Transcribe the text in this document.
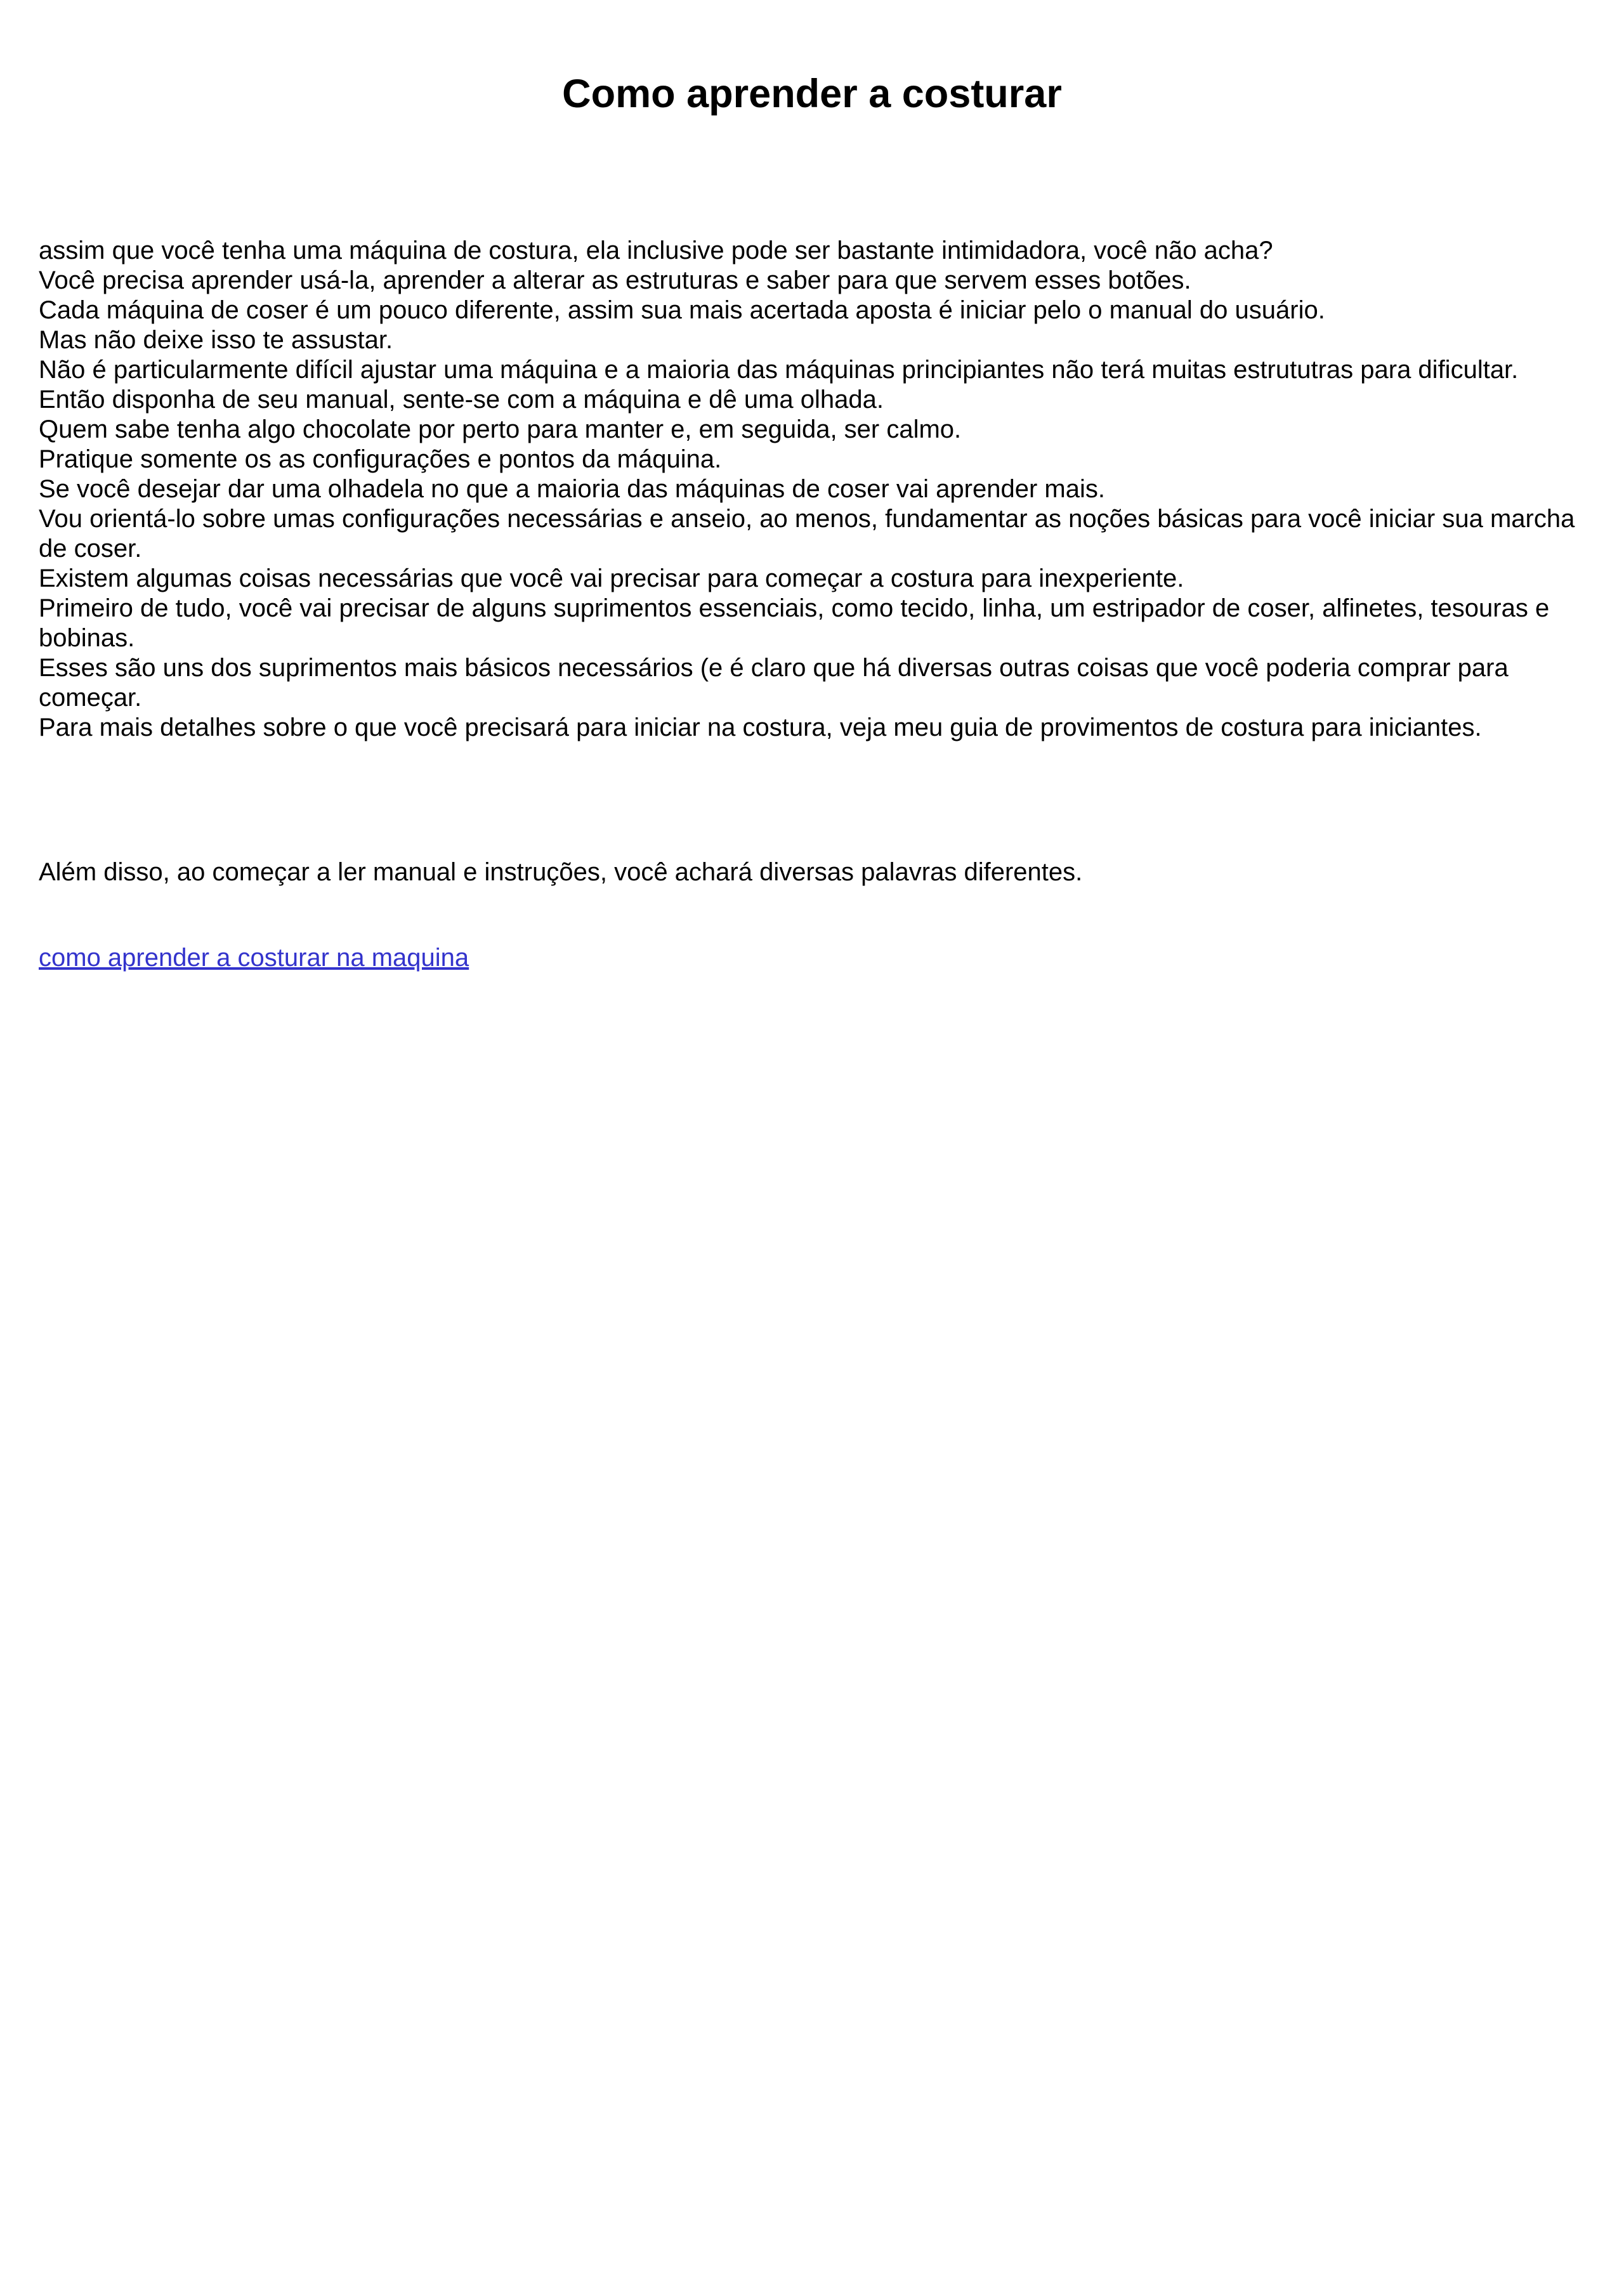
Como aprender a costurar
assim que você tenha uma máquina de costura, ela inclusive pode ser bastante intimidadora, você não acha?
Você precisa aprender usá-la, aprender a alterar as estruturas e saber para que servem esses botões.
Cada máquina de coser é um pouco diferente, assim sua mais acertada aposta é iniciar pelo o manual do usuário.
Mas não deixe isso te assustar.
Não é particularmente difícil ajustar uma máquina e a maioria das máquinas principiantes não terá muitas estrututras para dificultar.
Então disponha de seu manual, sente-se com a máquina e dê uma olhada.
Quem sabe tenha algo chocolate por perto para manter e, em seguida, ser calmo.
Pratique somente os as configurações e pontos da máquina.
Se você desejar dar uma olhadela no que a maioria das máquinas de coser vai aprender mais.
Vou orientá-lo sobre umas configurações necessárias e anseio, ao menos, fundamentar as noções básicas para você iniciar sua marcha de coser.
Existem algumas coisas necessárias que você vai precisar para começar a costura para inexperiente.
Primeiro de tudo, você vai precisar de alguns suprimentos essenciais, como tecido, linha, um estripador de coser, alfinetes, tesouras e bobinas.
Esses são uns dos suprimentos mais básicos necessários (e é claro que há diversas outras coisas que você poderia comprar para começar.
Para mais detalhes sobre o que você precisará para iniciar na costura, veja meu guia de provimentos de costura para iniciantes.

Além disso, ao começar a ler manual e instruções, você achará diversas palavras diferentes.

como aprender a costurar na maquina
